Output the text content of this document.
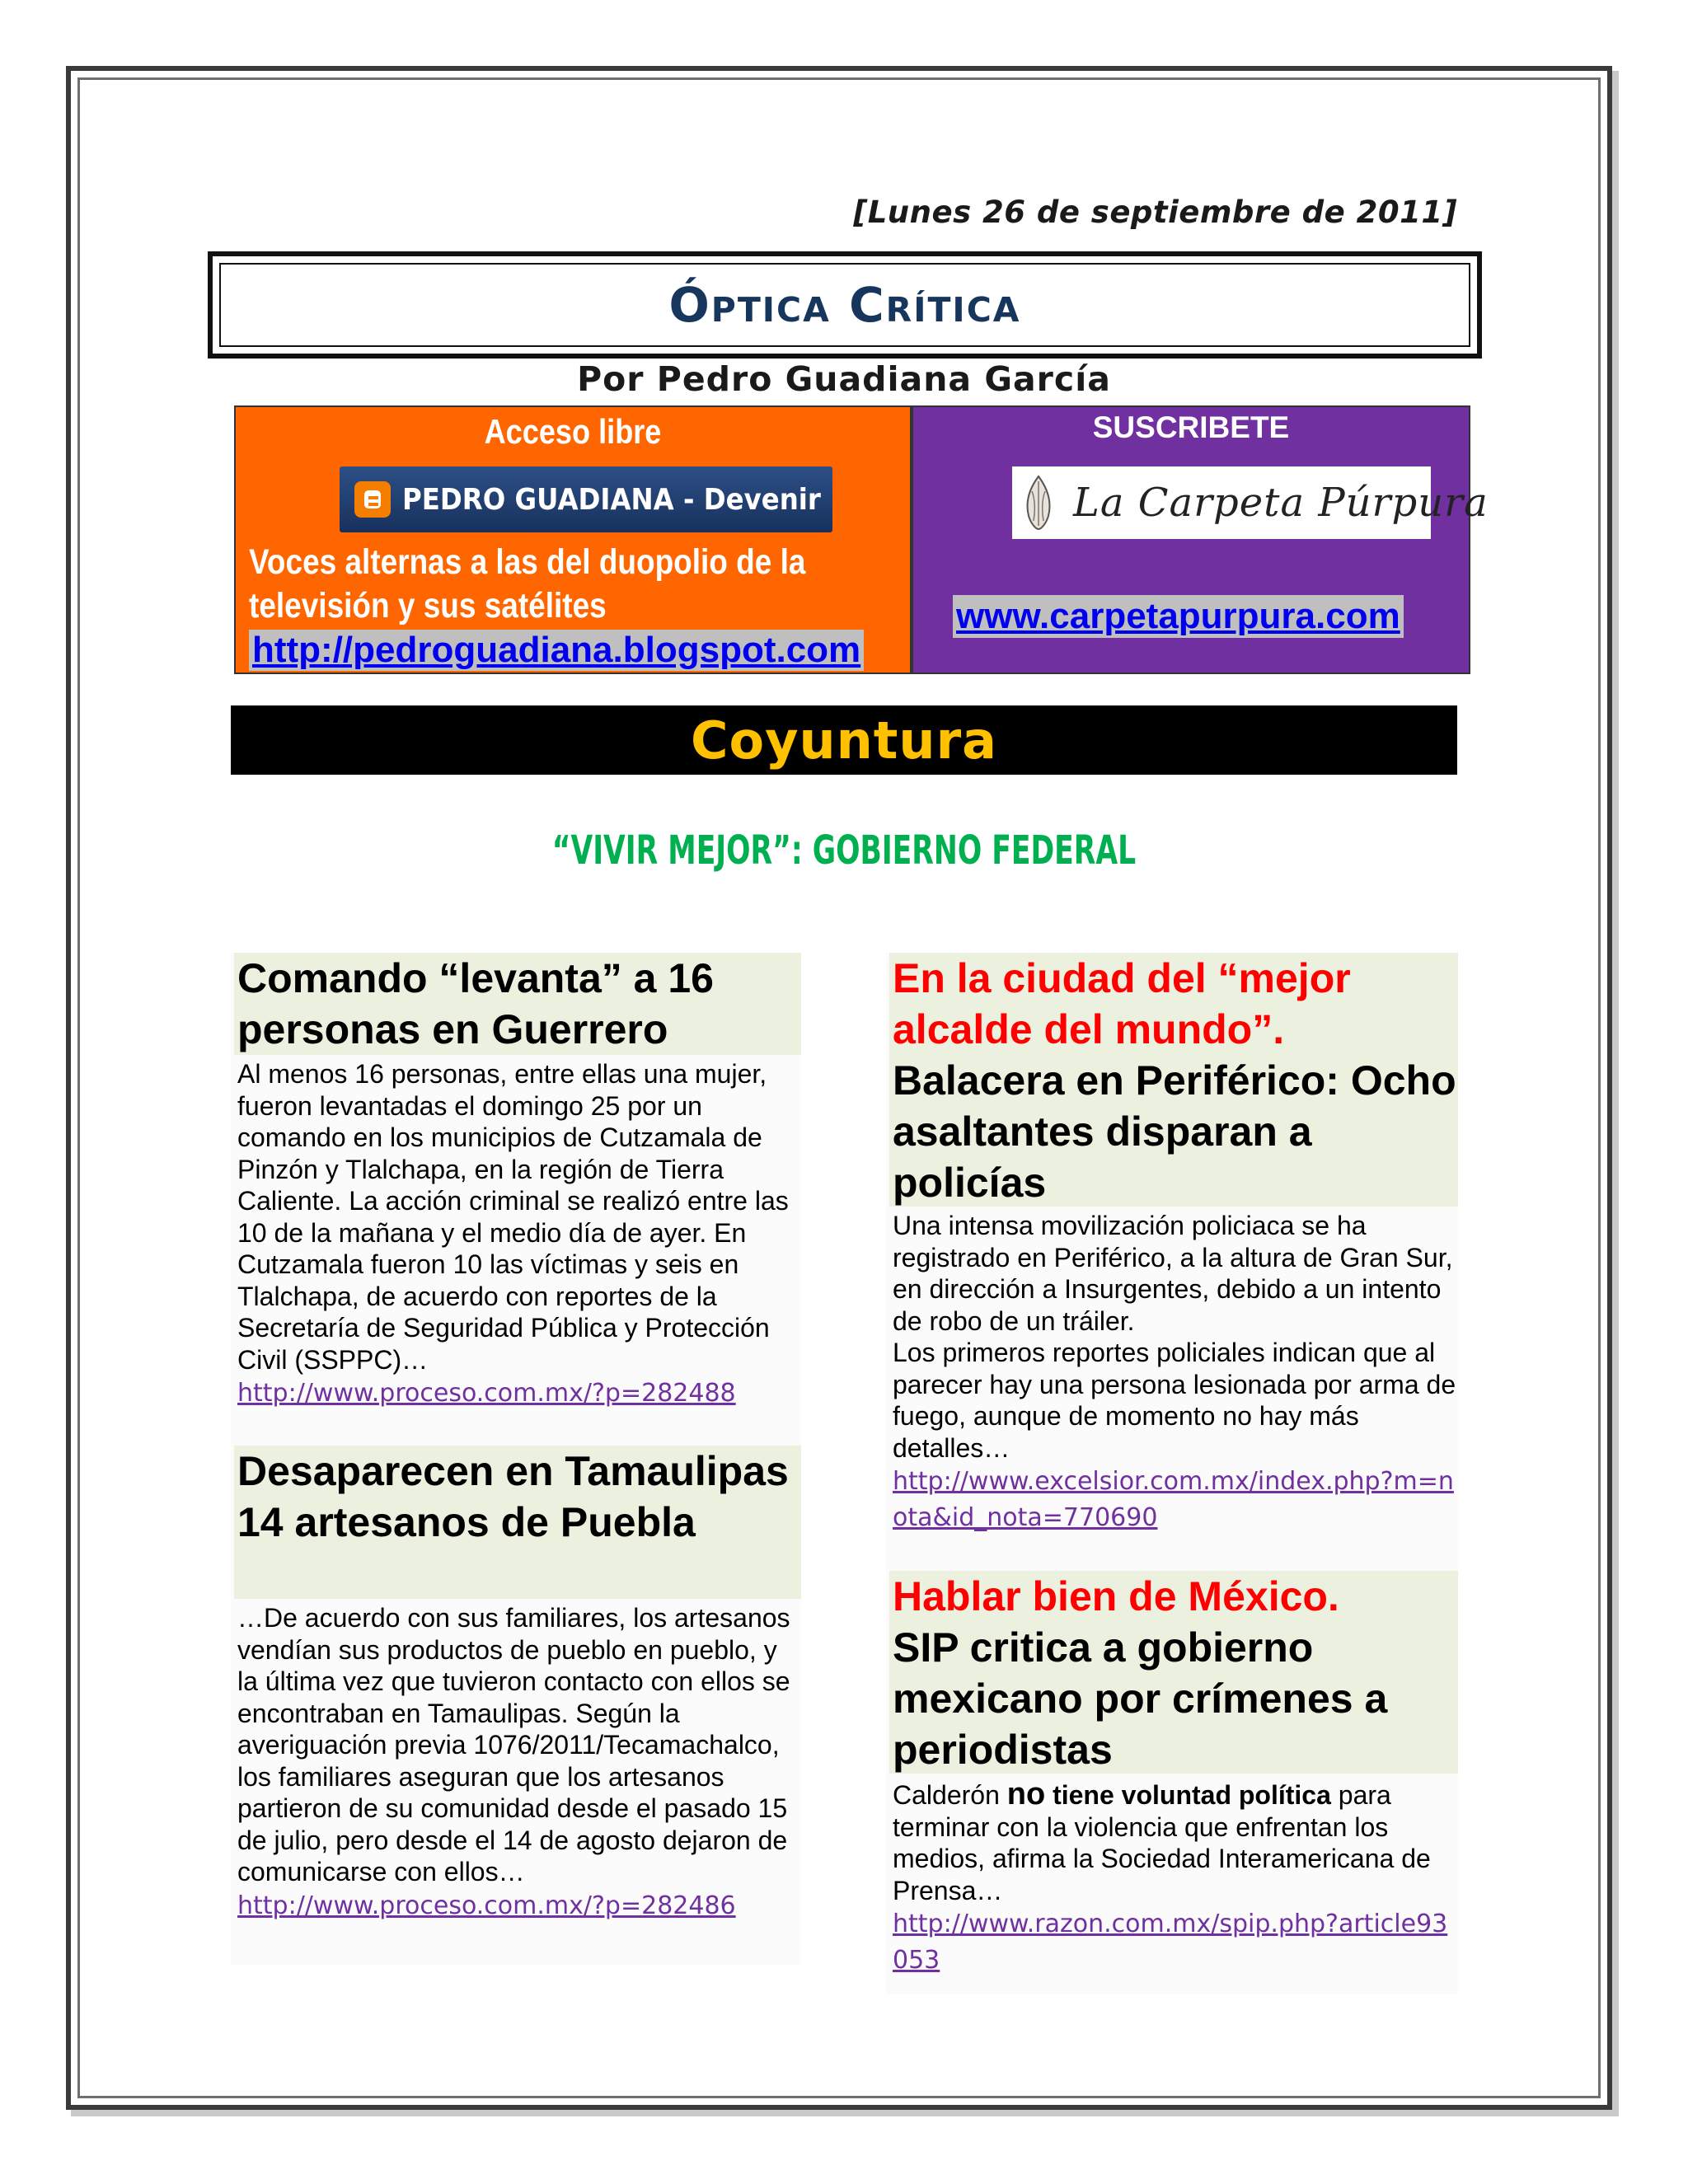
[Lunes 26 de septiembre de 2011]
Óptica Crítica
Por Pedro Guadiana García
Acceso libre
PEDRO GUADIANA - Devenir
Voces alternas a las del duopolio de la televisión y sus satélites
http://pedroguadiana.blogspot.com
SUSCRIBETE
La Carpeta Púrpura
www.carpetapurpura.com
Coyuntura
“VIVIR MEJOR”: GOBIERNO FEDERAL
Comando “levanta” a 16 personas en Guerrero
Al menos 16 personas, entre ellas una mujer, fueron levantadas el domingo 25 por un comando en los municipios de Cutzamala de Pinzón y Tlalchapa, en la región de Tierra Caliente. La acción criminal se realizó entre las 10 de la mañana y el medio día de ayer. En Cutzamala fueron 10 las víctimas y seis en Tlalchapa, de acuerdo con reportes de la Secretaría de Seguridad Pública y Protección Civil (SSPPC)…
http://www.proceso.com.mx/?p=282488
Desaparecen en Tamaulipas 14 artesanos de Puebla
…De acuerdo con sus familiares, los artesanos vendían sus productos de pueblo en pueblo, y la última vez que tuvieron contacto con ellos se encontraban en Tamaulipas. Según la averiguación previa 1076/2011/Tecamachalco, los familiares aseguran que los artesanos partieron de su comunidad desde el pasado 15 de julio, pero desde el 14 de agosto dejaron de comunicarse con ellos…
http://www.proceso.com.mx/?p=282486
En la ciudad del “mejor alcalde del mundo”.
Balacera en Periférico: Ocho asaltantes disparan a policías
Una intensa movilización policiaca se ha registrado en Periférico, a la altura de Gran Sur, en dirección a Insurgentes, debido a un intento de robo de un tráiler.
Los primeros reportes policiales indican que al parecer hay una persona lesionada por arma de fuego, aunque de momento no hay más detalles…
http://www.excelsior.com.mx/index.php?m=nota&id_nota=770690
Hablar bien de México.
SIP critica a gobierno mexicano por crímenes a periodistas
Calderón no tiene voluntad política para terminar con la violencia que enfrentan los medios, afirma la Sociedad Interamericana de Prensa…
http://www.razon.com.mx/spip.php?article93053
